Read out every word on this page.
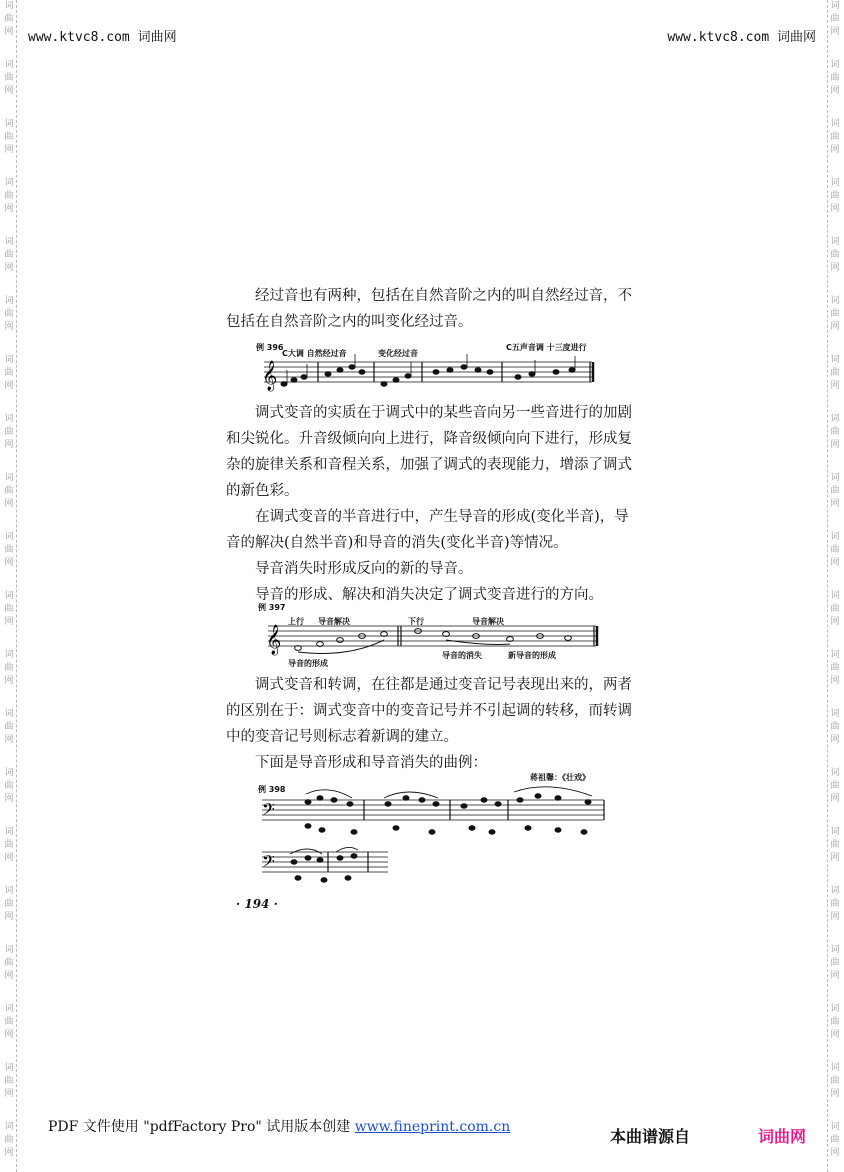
词
曲
网
词
曲
网
词
曲
网
词
曲
网
词
曲
网
词
曲
网
词
曲
网
词
曲
网
词
曲
网
词
曲
网
词
曲
网
词
曲
网
词
曲
网
词
曲
网
词
曲
网
词
曲
网
词
曲
网
词
曲
网
词
曲
网
词
曲
网
词
曲
网
词
曲
网
词
曲
网
词
曲
网
词
曲
网
词
曲
网
词
曲
网
词
曲
网
词
曲
网
词
曲
网
词
曲
网
词
曲
网
词
曲
网
词
曲
网
词
曲
网
词
曲
网
词
曲
网
词
曲
网
词
曲
网
词
曲
网
www.ktvc8.com 词曲网	www.ktvc8.com 词曲网

经过音也有两种，包括在自然音阶之内的叫自然经过音，不包括在自然音阶之内的叫变化经过音。

例 396
C大调 自然经过音	变化经过音
C五声音调 十三度进行
𝄞

调式变音的实质在于调式中的某些音向另一些音进行的加剧和尖锐化。升音级倾向向上进行，降音级倾向向下进行，形成复杂的旋律关系和音程关系，加强了调式的表现能力，增添了调式的新色彩。

在调式变音的半音进行中，产生导音的形成(变化半音)，导音的解决(自然半音)和导音的消失(变化半音)等情况。

导音消失时形成反向的新的导音。

导音的形成、解决和消失决定了调式变音进行的方向。

例 397
上行 导音解决	下行	导音解决
𝄞
导音的形成
导音的消失	新导音的形成

调式变音和转调，在往都是通过变音记号表现出来的，两者的区别在于：调式变音中的变音记号并不引起调的转移，而转调中的变音记号则标志着新调的建立。

下面是导音形成和导音消失的曲例：

例 398
蒋祖馨：《壮戏》
𝄢
𝄢
· 194 ·
PDF 文件使用 "pdfFactory Pro" 试用版本创建 www.fineprint.com.cn	本曲谱源自	词曲网
